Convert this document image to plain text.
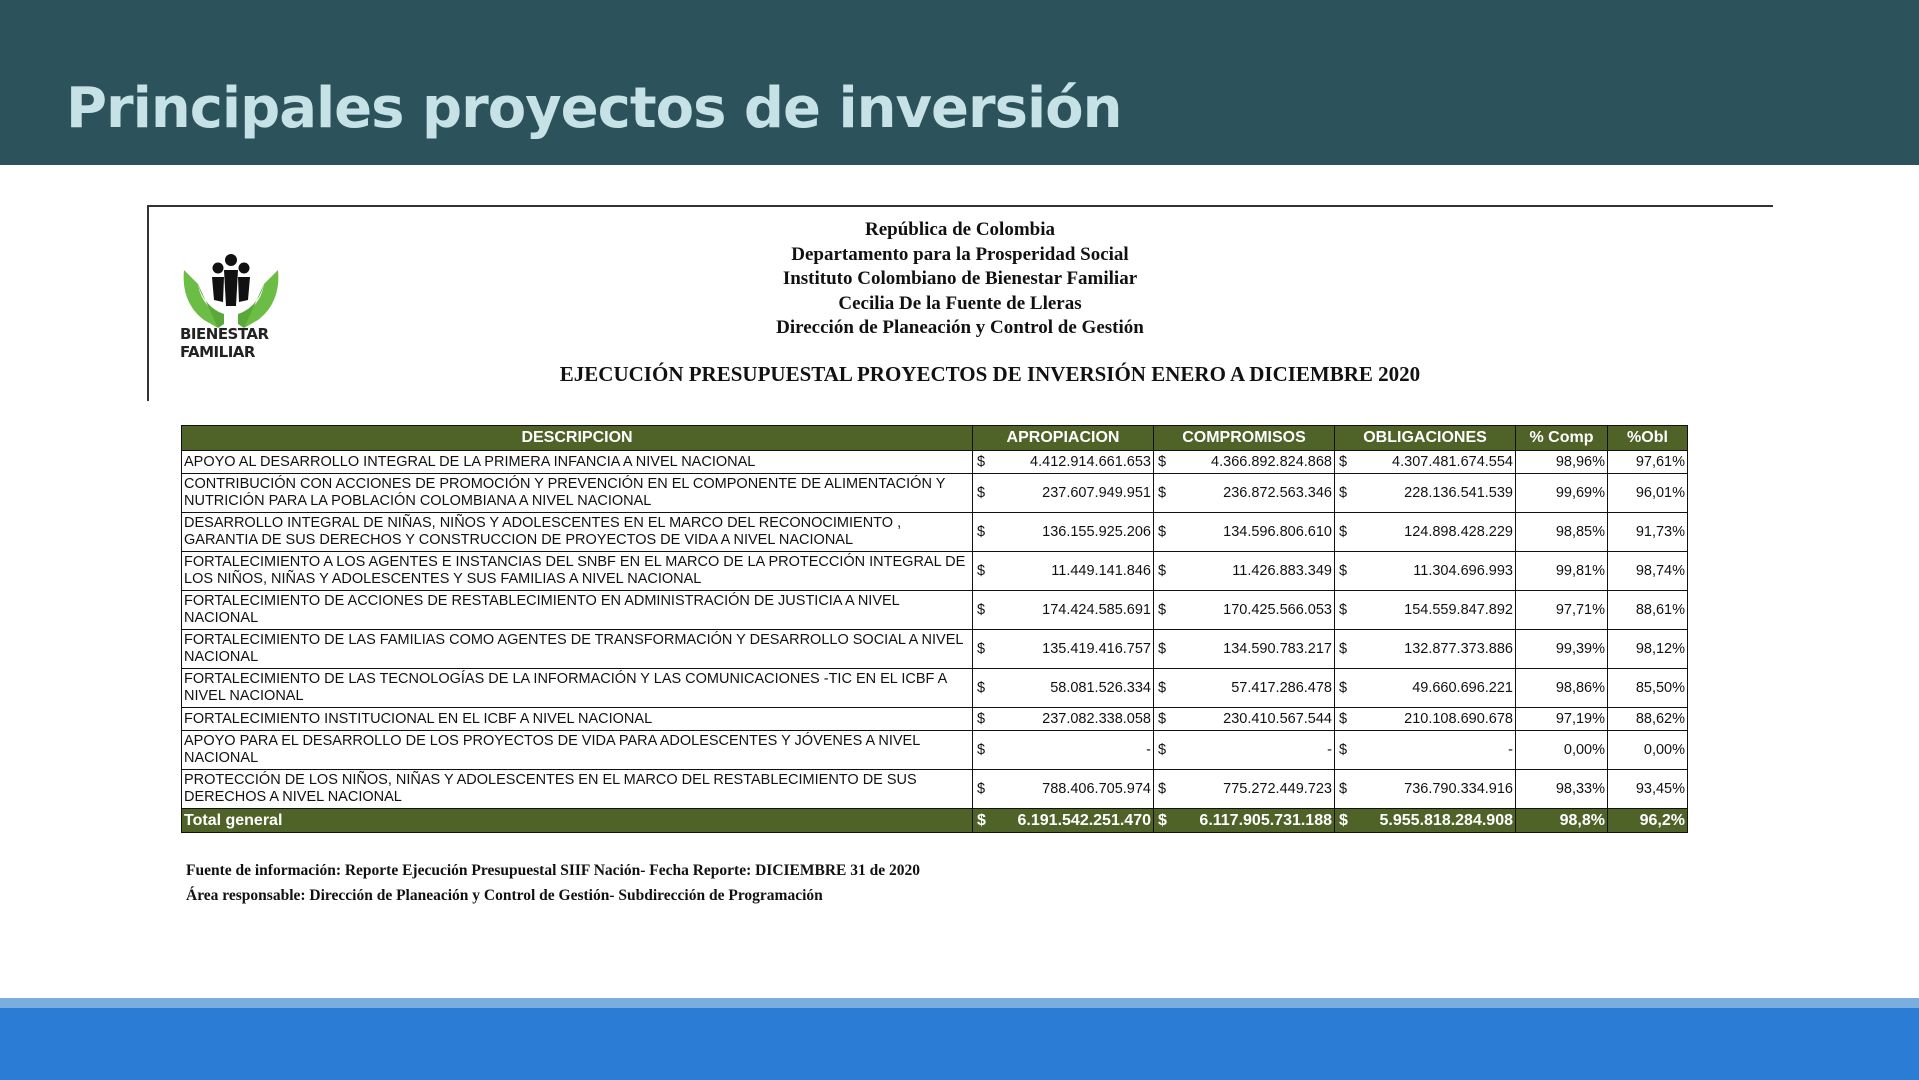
Principales proyectos de inversión
BIENESTAR
FAMILIAR
República de Colombia
Departamento para la Prosperidad Social
Instituto Colombiano de Bienestar Familiar
Cecilia De la Fuente de Lleras
Dirección de Planeación y Control de Gestión
EJECUCIÓN PRESUPUESTAL PROYECTOS DE INVERSIÓN ENERO A DICIEMBRE 2020
DESCRIPCION	APROPIACION	COMPROMISOS	OBLIGACIONES	% Comp	%Obl
APOYO AL DESARROLLO INTEGRAL DE LA PRIMERA INFANCIA A NIVEL NACIONAL	$ 4.412.914.661.653	$ 4.366.892.824.868	$ 4.307.481.674.554	98,96%	97,61%
CONTRIBUCIÓN CON ACCIONES DE PROMOCIÓN Y PREVENCIÓN EN EL COMPONENTE DE ALIMENTACIÓN Y NUTRICIÓN PARA LA POBLACIÓN COLOMBIANA A NIVEL NACIONAL	$ 237.607.949.951	$ 236.872.563.346	$ 228.136.541.539	99,69%	96,01%
DESARROLLO INTEGRAL DE NIÑAS, NIÑOS Y ADOLESCENTES EN EL MARCO DEL RECONOCIMIENTO , GARANTIA DE SUS DERECHOS Y CONSTRUCCION DE PROYECTOS DE VIDA A NIVEL NACIONAL	$ 136.155.925.206	$ 134.596.806.610	$ 124.898.428.229	98,85%	91,73%
FORTALECIMIENTO A LOS AGENTES E INSTANCIAS DEL SNBF EN EL MARCO DE LA PROTECCIÓN INTEGRAL DE LOS NIÑOS, NIÑAS Y ADOLESCENTES Y SUS FAMILIAS A NIVEL NACIONAL	$ 11.449.141.846	$ 11.426.883.349	$ 11.304.696.993	99,81%	98,74%
FORTALECIMIENTO DE ACCIONES DE RESTABLECIMIENTO EN ADMINISTRACIÓN DE JUSTICIA A NIVEL NACIONAL	$ 174.424.585.691	$ 170.425.566.053	$ 154.559.847.892	97,71%	88,61%
FORTALECIMIENTO DE LAS FAMILIAS COMO AGENTES DE TRANSFORMACIÓN Y DESARROLLO SOCIAL A NIVEL NACIONAL	$ 135.419.416.757	$ 134.590.783.217	$ 132.877.373.886	99,39%	98,12%
FORTALECIMIENTO DE LAS TECNOLOGÍAS DE LA INFORMACIÓN Y LAS COMUNICACIONES -TIC EN EL ICBF A NIVEL NACIONAL	$ 58.081.526.334	$ 57.417.286.478	$ 49.660.696.221	98,86%	85,50%
FORTALECIMIENTO INSTITUCIONAL EN EL ICBF A NIVEL NACIONAL	$ 237.082.338.058	$ 230.410.567.544	$ 210.108.690.678	97,19%	88,62%
APOYO PARA EL DESARROLLO DE LOS PROYECTOS DE VIDA PARA ADOLESCENTES Y JÓVENES A NIVEL NACIONAL	$ -	$ -	$ -	0,00%	0,00%
PROTECCIÓN DE LOS NIÑOS, NIÑAS Y ADOLESCENTES EN EL MARCO DEL RESTABLECIMIENTO DE SUS DERECHOS A NIVEL NACIONAL	$ 788.406.705.974	$ 775.272.449.723	$ 736.790.334.916	98,33%	93,45%
Total general	$ 6.191.542.251.470	$ 6.117.905.731.188	$ 5.955.818.284.908	98,8%	96,2%
Fuente de información: Reporte Ejecución Presupuestal SIIF Nación- Fecha Reporte: DICIEMBRE 31 de 2020
Área responsable: Dirección de Planeación y Control de Gestión- Subdirección de Programación
